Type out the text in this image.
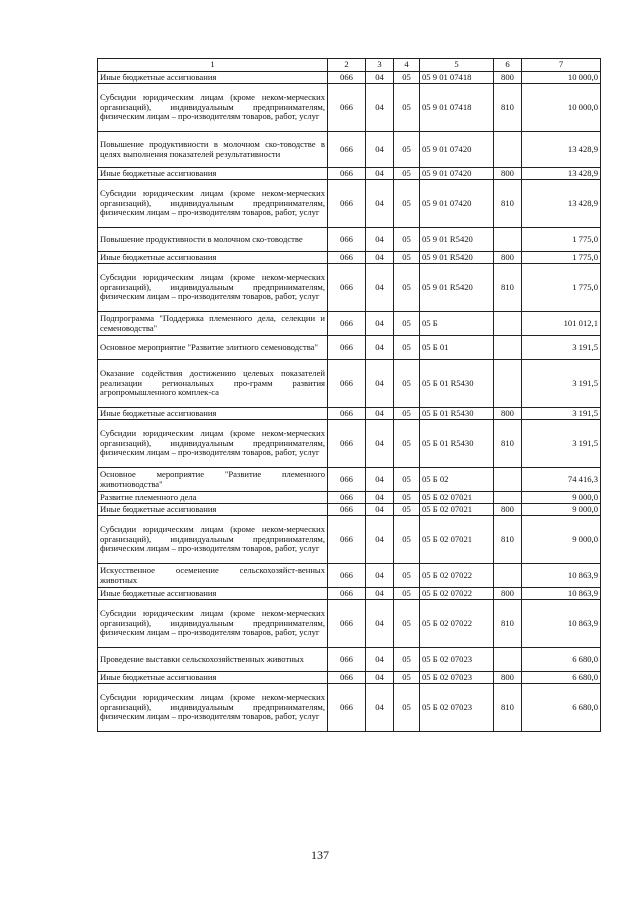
1	2	3	4	5	6	7
Иные бюджетные ассигнования	066	04	05	05 9 01 07418	800	10 000,0
Субсидии юридическим лицам (кроме неком-мерческих организаций), индивидуальным предпринимателям, физическим лицам – про-изводителям товаров, работ, услуг	066	04	05	05 9 01 07418	810	10 000,0
Повышение продуктивности в молочном ско-товодстве в целях выполнения показателей результативности	066	04	05	05 9 01 07420		13 428,9
Иные бюджетные ассигнования	066	04	05	05 9 01 07420	800	13 428,9
Субсидии юридическим лицам (кроме неком-мерческих организаций), индивидуальным предпринимателям, физическим лицам – про-изводителям товаров, работ, услуг	066	04	05	05 9 01 07420	810	13 428,9
Повышение продуктивности в молочном ско-товодстве	066	04	05	05 9 01 R5420		1 775,0
Иные бюджетные ассигнования	066	04	05	05 9 01 R5420	800	1 775,0
Субсидии юридическим лицам (кроме неком-мерческих организаций), индивидуальным предпринимателям, физическим лицам – про-изводителям товаров, работ, услуг	066	04	05	05 9 01 R5420	810	1 775,0
Подпрограмма "Поддержка племенного дела, селекции и семеноводства"	066	04	05	05 Б		101 012,1
Основное мероприятие "Развитие элитного семеноводства"	066	04	05	05 Б 01		3 191,5
Оказание содействия достижению целевых показателей реализации региональных про-грамм развития агропромышленного комплек-са	066	04	05	05 Б 01 R5430		3 191,5
Иные бюджетные ассигнования	066	04	05	05 Б 01 R5430	800	3 191,5
Субсидии юридическим лицам (кроме неком-мерческих организаций), индивидуальным предпринимателям, физическим лицам – про-изводителям товаров, работ, услуг	066	04	05	05 Б 01 R5430	810	3 191,5
Основное мероприятие "Развитие племенного животноводства"	066	04	05	05 Б 02		74 416,3
Развитие племенного дела	066	04	05	05 Б 02 07021		9 000,0
Иные бюджетные ассигнования	066	04	05	05 Б 02 07021	800	9 000,0
Субсидии юридическим лицам (кроме неком-мерческих организаций), индивидуальным предпринимателям, физическим лицам – про-изводителям товаров, работ, услуг	066	04	05	05 Б 02 07021	810	9 000,0
Искусственное осеменение сельскохозяйст-венных животных	066	04	05	05 Б 02 07022		10 863,9
Иные бюджетные ассигнования	066	04	05	05 Б 02 07022	800	10 863,9
Субсидии юридическим лицам (кроме неком-мерческих организаций), индивидуальным предпринимателям, физическим лицам – про-изводителям товаров, работ, услуг	066	04	05	05 Б 02 07022	810	10 863,9
Проведение выставки сельскохозяйственных животных	066	04	05	05 Б 02 07023		6 680,0
Иные бюджетные ассигнования	066	04	05	05 Б 02 07023	800	6 680,0
Субсидии юридическим лицам (кроме неком-мерческих организаций), индивидуальным предпринимателям, физическим лицам – про-изводителям товаров, работ, услуг	066	04	05	05 Б 02 07023	810	6 680,0
137
